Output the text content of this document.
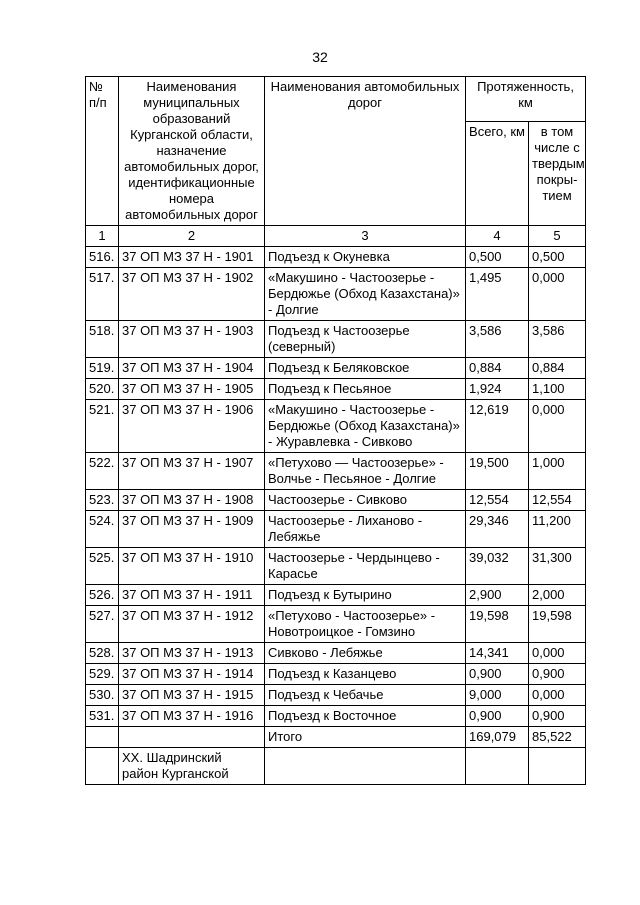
32
№ п/п	Наименования муниципальных образований Курганской области, назначение автомобильных дорог, идентификационные номера автомобильных дорог	Наименования автомобильных дорог	Протяженность, км	
			Всего, км	в том числе с твердым покры-тием
1	2	3	4	5
516.	37 ОП МЗ 37 Н - 1901	Подъезд к Окуневка	0,500	0,500
517.	37 ОП МЗ 37 Н - 1902	«Макушино - Частоозерье - Бердюжье (Обход Казахстана)» - Долгие	1,495	0,000
518.	37 ОП МЗ 37 Н - 1903	Подъезд к Частоозерье (северный)	3,586	3,586
519.	37 ОП МЗ 37 Н - 1904	Подъезд к Беляковское	0,884	0,884
520.	37 ОП МЗ 37 Н - 1905	Подъезд к Песьяное	1,924	1,100
521.	37 ОП МЗ 37 Н - 1906	«Макушино - Частоозерье - Бердюжье (Обход Казахстана)» - Журавлевка - Сивково	12,619	0,000
522.	37 ОП МЗ 37 Н - 1907	«Петухово — Частоозерье» - Волчье - Песьяное - Долгие	19,500	1,000
523.	37 ОП МЗ 37 Н - 1908	Частоозерье - Сивково	12,554	12,554
524.	37 ОП МЗ 37 Н - 1909	Частоозерье - Лиханово - Лебяжье	29,346	11,200
525.	37 ОП МЗ 37 Н - 1910	Частоозерье - Чердынцево - Карасье	39,032	31,300
526.	37 ОП МЗ 37 Н - 1911	Подъезд к Бутырино	2,900	2,000
527.	37 ОП МЗ 37 Н - 1912	«Петухово - Частоозерье» - Новотроицкое - Гомзино	19,598	19,598
528.	37 ОП МЗ 37 Н - 1913	Сивково - Лебяжье	14,341	0,000
529.	37 ОП МЗ 37 Н - 1914	Подъезд к Казанцево	0,900	0,900
530.	37 ОП МЗ 37 Н - 1915	Подъезд к Чебачье	9,000	0,000
531.	37 ОП МЗ 37 Н - 1916	Подъезд к Восточное	0,900	0,900
		Итого	169,079	85,522
	XX. Шадринский район Курганской			
